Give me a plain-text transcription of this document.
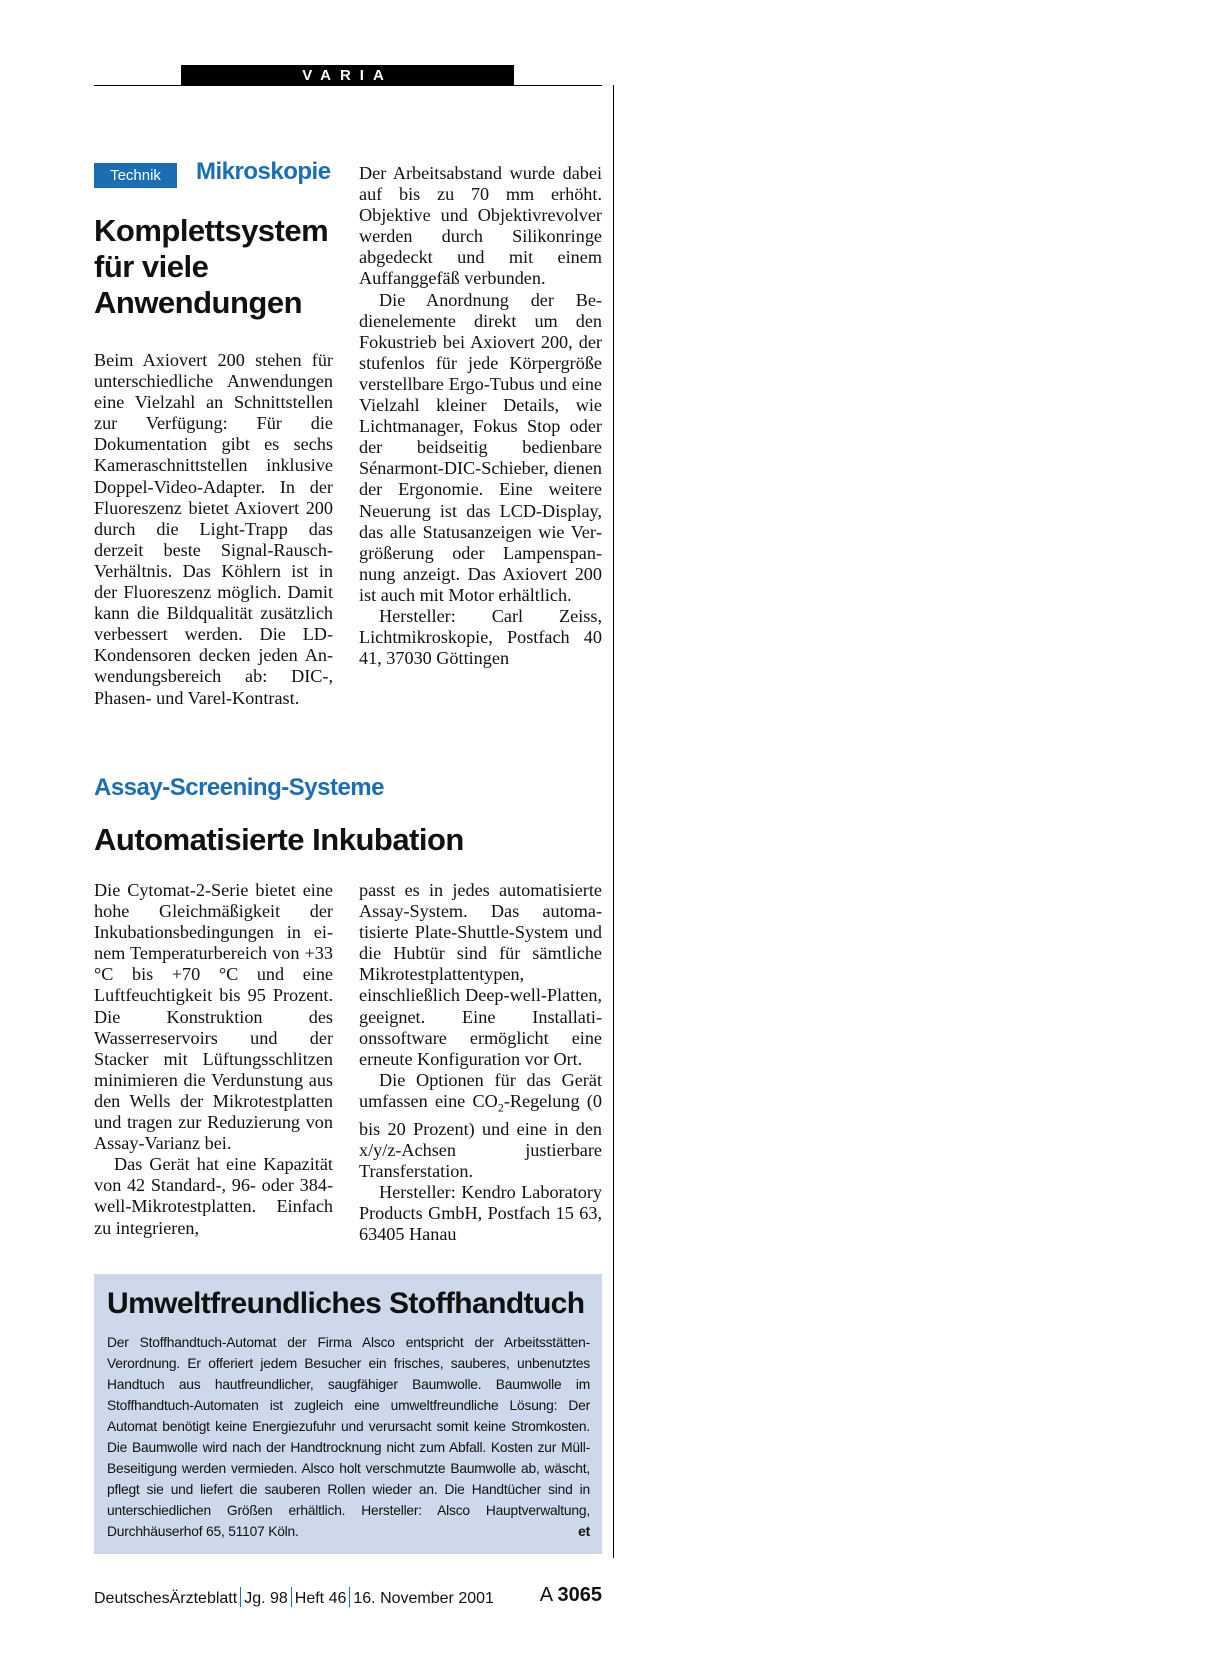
VARIA
Technik	Mikroskopie
Komplettsystem
für viele
Anwendungen

Beim Axiovert 200 stehen für unterschiedliche Anwendungen eine Vielzahl an Schnittstellen zur Verfügung: Für die Dokumentation gibt es sechs Kameraschnittstellen inklusive Doppel-Video-Adapter. In der Fluoreszenz bietet Axiovert 200 durch die Light-Trapp das derzeit beste Signal-Rausch-Verhältnis. Das Köhlern ist in der Fluoreszenz möglich. Damit kann die Bildqualität zusätzlich verbessert werden. Die LD-Kondensoren decken jeden Anwendungsbereich ab: DIC-, Phasen- und Varel-Kontrast.

Der Arbeitsabstand wurde dabei auf bis zu 70 mm erhöht. Objektive und Objektivrevolver werden durch Silikonringe abgedeckt und mit einem Auffanggefäß verbunden.

Die Anordnung der Bedienelemente direkt um den Fokustrieb bei Axiovert 200, der stufenlos für jede Körpergröße verstellbare Ergo-Tubus und eine Vielzahl kleiner Details, wie Lichtmanager, Fokus Stop oder der beidseitig bedienbare Sénarmont-DIC-Schieber, dienen der Ergonomie. Eine weitere Neuerung ist das LCD-Display, das alle Statusanzeigen wie Vergrößerung oder Lampenspannung anzeigt. Das Axiovert 200 ist auch mit Motor erhältlich.

Hersteller: Carl Zeiss, Lichtmikroskopie, Postfach 40 41, 37030 Göttingen

Assay-Screening-Systeme
Automatisierte Inkubation

Die Cytomat-2-Serie bietet eine hohe Gleichmäßigkeit der Inkubationsbedingungen in einem Temperaturbereich von +33 °C bis +70 °C und eine Luftfeuchtigkeit bis 95 Prozent. Die Konstruktion des Wasserreservoirs und der Stacker mit Lüftungsschlitzen minimieren die Verdunstung aus den Wells der Mikrotestplatten und tragen zur Reduzierung von Assay-Varianz bei.

Das Gerät hat eine Kapazität von 42 Standard-, 96- oder 384-well-Mikrotestplatten. Einfach zu integrieren,

passt es in jedes automatisierte Assay-System. Das automatisierte Plate-Shuttle-System und die Hubtür sind für sämtliche Mikrotestplattentypen, einschließlich Deep-well-Platten, geeignet. Eine Installationssoftware ermöglicht eine erneute Konfiguration vor Ort.

Die Optionen für das Gerät umfassen eine $CO_2$-Regelung (0 bis 20 Prozent) und eine in den x/y/z-Achsen justierbare Transferstation.

Hersteller: Kendro Laboratory Products GmbH, Postfach 15 63, 63405 Hanau

Umweltfreundliches Stoffhandtuch

Der Stoffhandtuch-Automat der Firma Alsco entspricht der Arbeitsstätten-Verordnung. Er offeriert jedem Besucher ein frisches, sauberes, unbenutztes Handtuch aus hautfreundlicher, saugfähiger Baumwolle. Baumwolle im Stoffhandtuch-Automaten ist zugleich eine umweltfreundliche Lösung: Der Automat benötigt keine Energiezufuhr und verursacht somit keine Stromkosten. Die Baumwolle wird nach der Handtrocknung nicht zum Abfall. Kosten zur Müll-Beseitigung werden vermieden. Alsco holt verschmutzte Baumwolle ab, wäscht, pflegt sie und liefert die sauberen Rollen wieder an. Die Handtücher sind in unterschiedlichen Größen erhältlich. Hersteller: Alsco Hauptverwaltung, Durchhäuserhof 65, 51107 Köln.	et

DeutschesÄrzteblatt Jg. 98 Heft 46 16. November 2001 A 3065
